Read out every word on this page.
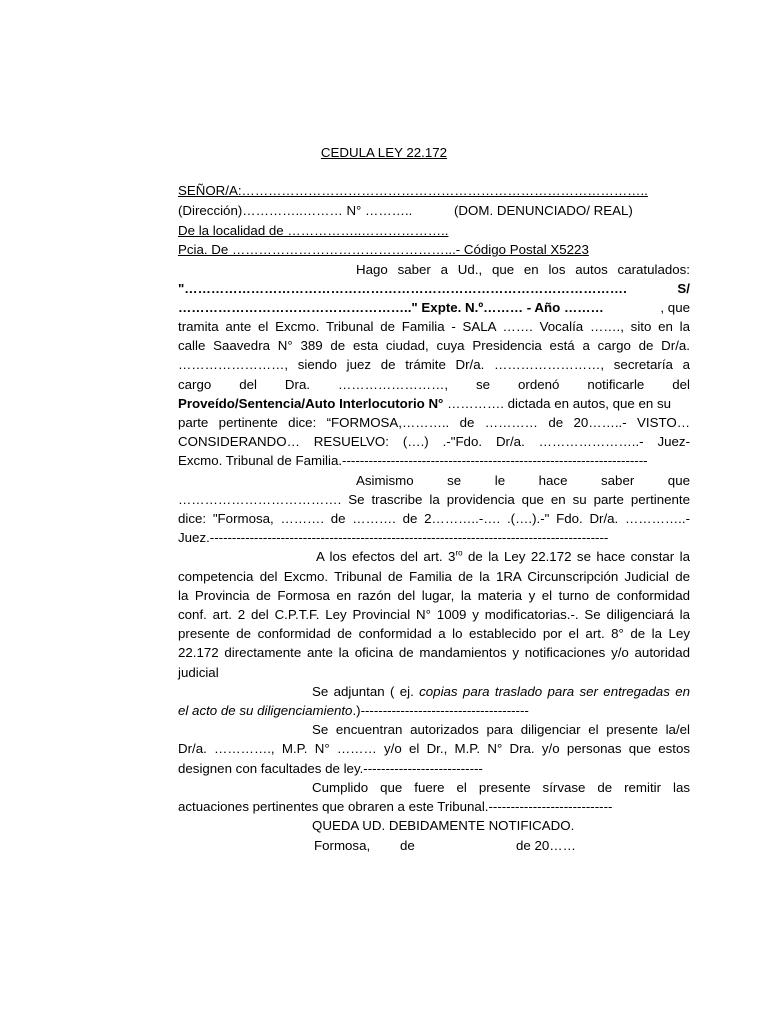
CEDULA LEY 22.172
SEÑOR/A:………………………………………………………………………………..
(Dirección)…………..……… N° ………..	(DOM. DENUNCIADO/ REAL)
De la localidad de ……………..………………..
Pcia. De …………………………………………...- Código Postal X5223
Hago saber a Ud., que en los autos caratulados:
"………………………………………………………………………………………. S/
…………………………………………….." Expte. N.º……… - Año ………	, que
tramita ante el Excmo. Tribunal de Familia - SALA ……. Vocalía ……., sito en la
calle Saavedra N° 389 de esta ciudad, cuya Presidencia está a cargo de Dr/a.
……………………, siendo juez de trámite Dr/a. ……………………, secretaría a
cargo del Dra. ……………………, se ordenó notificarle del
Proveído/Sentencia/Auto Interlocutorio N° …………. dictada en autos, que en su
parte pertinente dice: “FORMOSA,……….. de ………… de 20……..- VISTO…
CONSIDERANDO… RESUELVO: (….) .-"Fdo. Dr/a. …………………..- Juez-
Excmo. Tribunal de Familia.---------------------------------------------------------------------
Asimismo se le hace saber que
………………………………. Se trascribe la providencia que en su parte pertinente
dice: "Formosa, ………. de ………. de 2………..-…. .(….).-" Fdo. Dr/a. …………..-
Juez.------------------------------------------------------------------------------------------
A los efectos del art. $3^{ro}$ de la Ley 22.172 se hace constar la
competencia del Excmo. Tribunal de Familia de la 1RA Circunscripción Judicial de
la Provincia de Formosa en razón del lugar, la materia y el turno de conformidad
conf. art. 2 del C.P.T.F. Ley Provincial N° 1009 y modificatorias.-. Se diligenciará la
presente de conformidad de conformidad a lo establecido por el art. 8° de la Ley
22.172 directamente ante la oficina de mandamientos y notificaciones y/o autoridad
judicial
Se adjuntan ( ej. copias para traslado para ser entregadas en
el acto de su diligenciamiento.)--------------------------------------
Se encuentran autorizados para diligenciar el presente la/el
Dr/a. …………., M.P. N° ……… y/o el Dr., M.P. N° Dra. y/o personas que estos
designen con facultades de ley.---------------------------
Cumplido que fuere el presente sírvase de remitir las
actuaciones pertinentes que obraren a este Tribunal.----------------------------
QUEDA UD. DEBIDAMENTE NOTIFICADO.
Formosa, de	de 20……
